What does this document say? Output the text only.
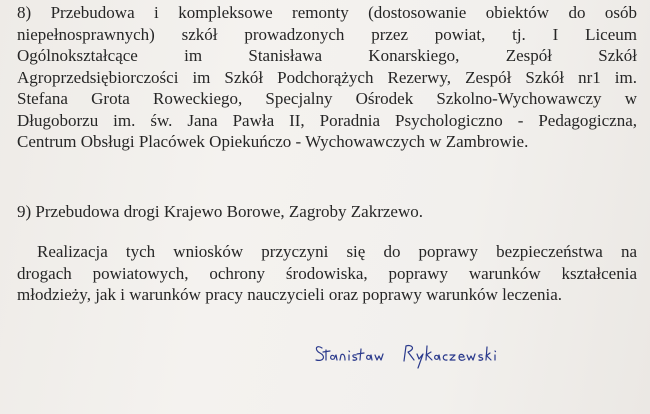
8) Przebudowa i kompleksowe remonty (dostosowanie obiektów do osób
niepełnosprawnych) szkół prowadzonych przez powiat, tj. I Liceum
Ogólnokształcące im Stanisława Konarskiego, Zespół Szkół
Agroprzedsiębiorczości im Szkół Podchorążych Rezerwy, Zespół Szkół nr1 im.
Stefana Grota Roweckiego, Specjalny Ośrodek Szkolno-Wychowawczy w
Długoborzu im. św. Jana Pawła II, Poradnia Psychologiczno - Pedagogiczna,
Centrum Obsługi Placówek Opiekuńczo - Wychowawczych w Zambrowie.
9) Przebudowa drogi Krajewo Borowe, Zagroby Zakrzewo.
Realizacja tych wniosków przyczyni się do poprawy bezpieczeństwa na
drogach powiatowych, ochrony środowiska, poprawy warunków kształcenia
młodzieży, jak i warunków pracy nauczycieli oraz poprawy warunków leczenia.
